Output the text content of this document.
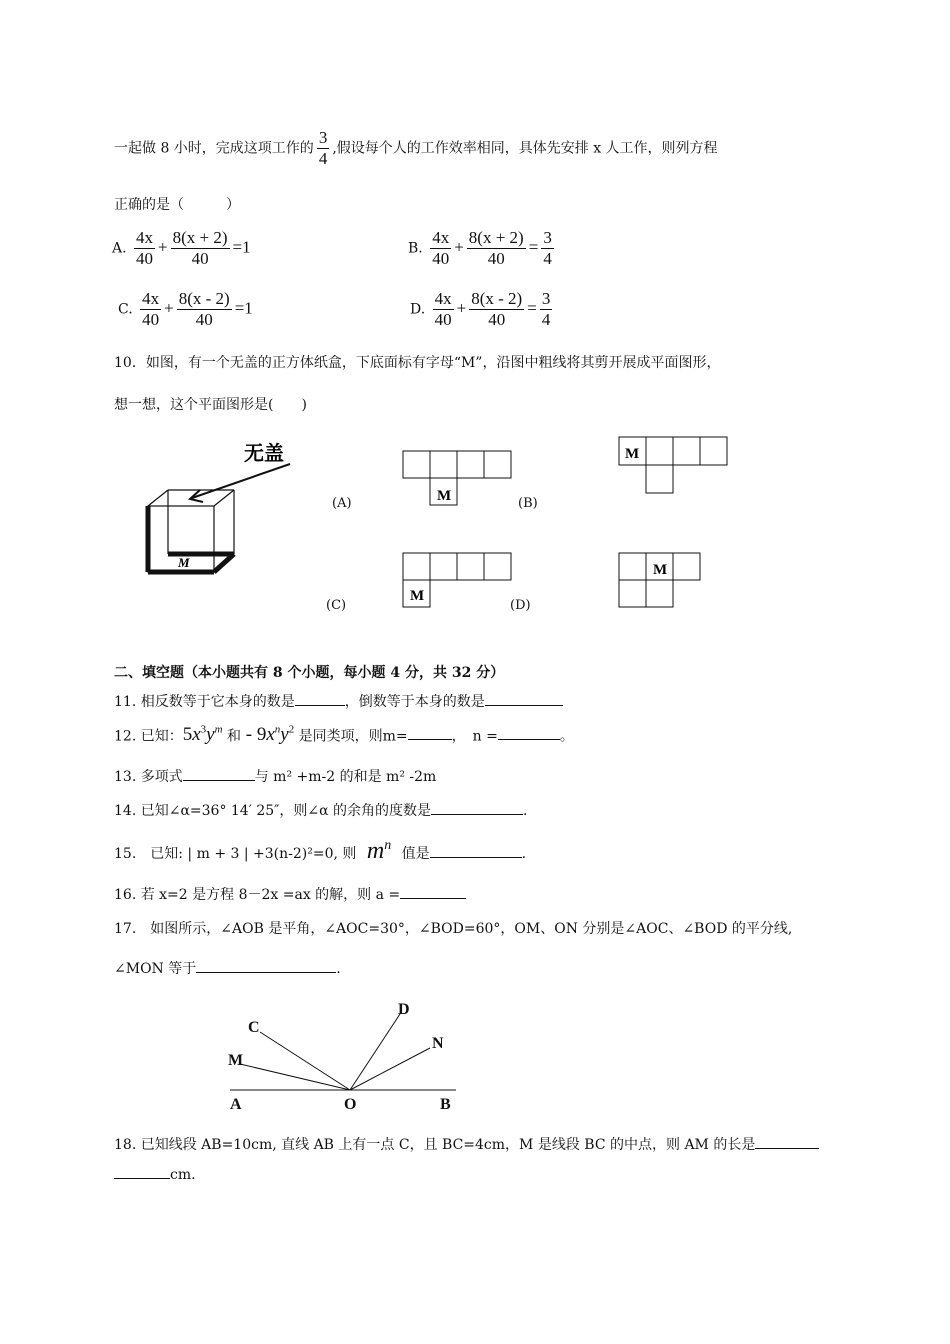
一起做 8 小时，完成这项工作的 $\frac{3}{4}$ ,假设每个人的工作效率相同，具体先安排 x 人工作，则列方程
正确的是（　　　）
A. $\frac{4x}{40} + \frac{8(x + 2)}{40} =1$	B. $\frac{4x}{40} + \frac{8(x + 2)}{40} = \frac{3}{4}$
C. $\frac{4x}{40} + \frac{8(x - 2)}{40} =1$	D. $\frac{4x}{40} + \frac{8(x - 2)}{40} = \frac{3}{4}$
10．如图，有一个无盖的正方体纸盒，下底面标有字母“M”，沿图中粗线将其剪开展成平面图形，
想一想，这个平面图形是(　　)
无盖
M
M
(A)
M
(B)
M
(C)	(D)
M
二、填空题（本小题共有 8 个小题，每小题 4 分，共 32 分）
11. 相反数等于它本身的数是	，倒数等于本身的数是
12. 已知：$5x^3y^m$ 和 - $9x^ny^2$ 是同类项，则m=	，　n =	。
13. 多项式	与 m² +m-2 的和是 m² -2m
14. 已知∠α=36° 14′ 25″，则∠α 的余角的度数是	.
15.　已知: | m + 3 | +3(n-2)²=0, 则 $m^n$ 值是	.
16. 若 x=2 是方程 8－2x =ax 的解，则 a =
17.　如图所示，∠AOB 是平角，∠AOC=30°，∠BOD=60°，OM、ON 分别是∠AOC、∠BOD 的平分线,
∠MON 等于	.
C
M
A	O	B
D
N
18. 已知线段 AB=10cm, 直线 AB 上有一点 C，且 BC=4cm，M 是线段 BC 的中点，则 AM 的长是
cm.
